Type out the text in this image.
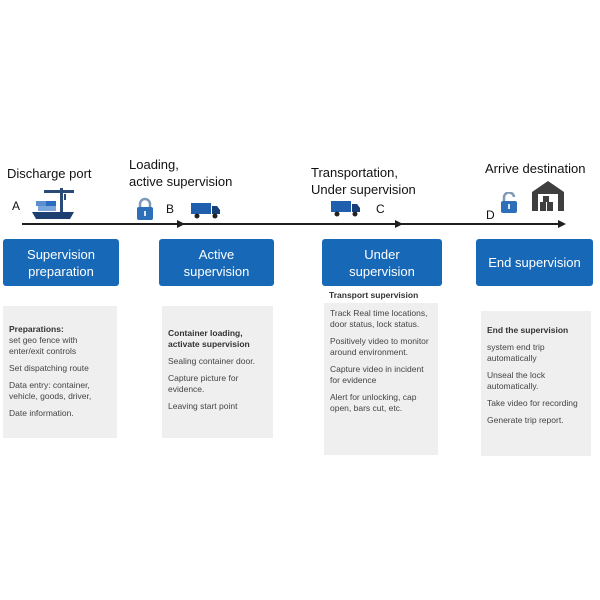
Discharge port
Loading,
active supervision
Transportation,
Under supervision
Arrive destination
A	B	C	D
Supervision
preparation
Active
supervision
Under
supervision
End supervision
Preparations:

set geo fence with enter/exit controls

Set dispatching route

Data entry: container, vehicle, goods, driver,

Date information.

Container loading, activate supervision

Sealing container door.

Capture picture for evidence.

Leaving start point

Transport supervision

Track Real time locations, door status, lock status.

Positively video to monitor around environment.

Capture video in incident for evidence

Alert for unlocking, cap open, bars cut, etc.

End the supervision

system end trip automatically

Unseal the lock automatically.

Take video for recording

Generate trip report.
